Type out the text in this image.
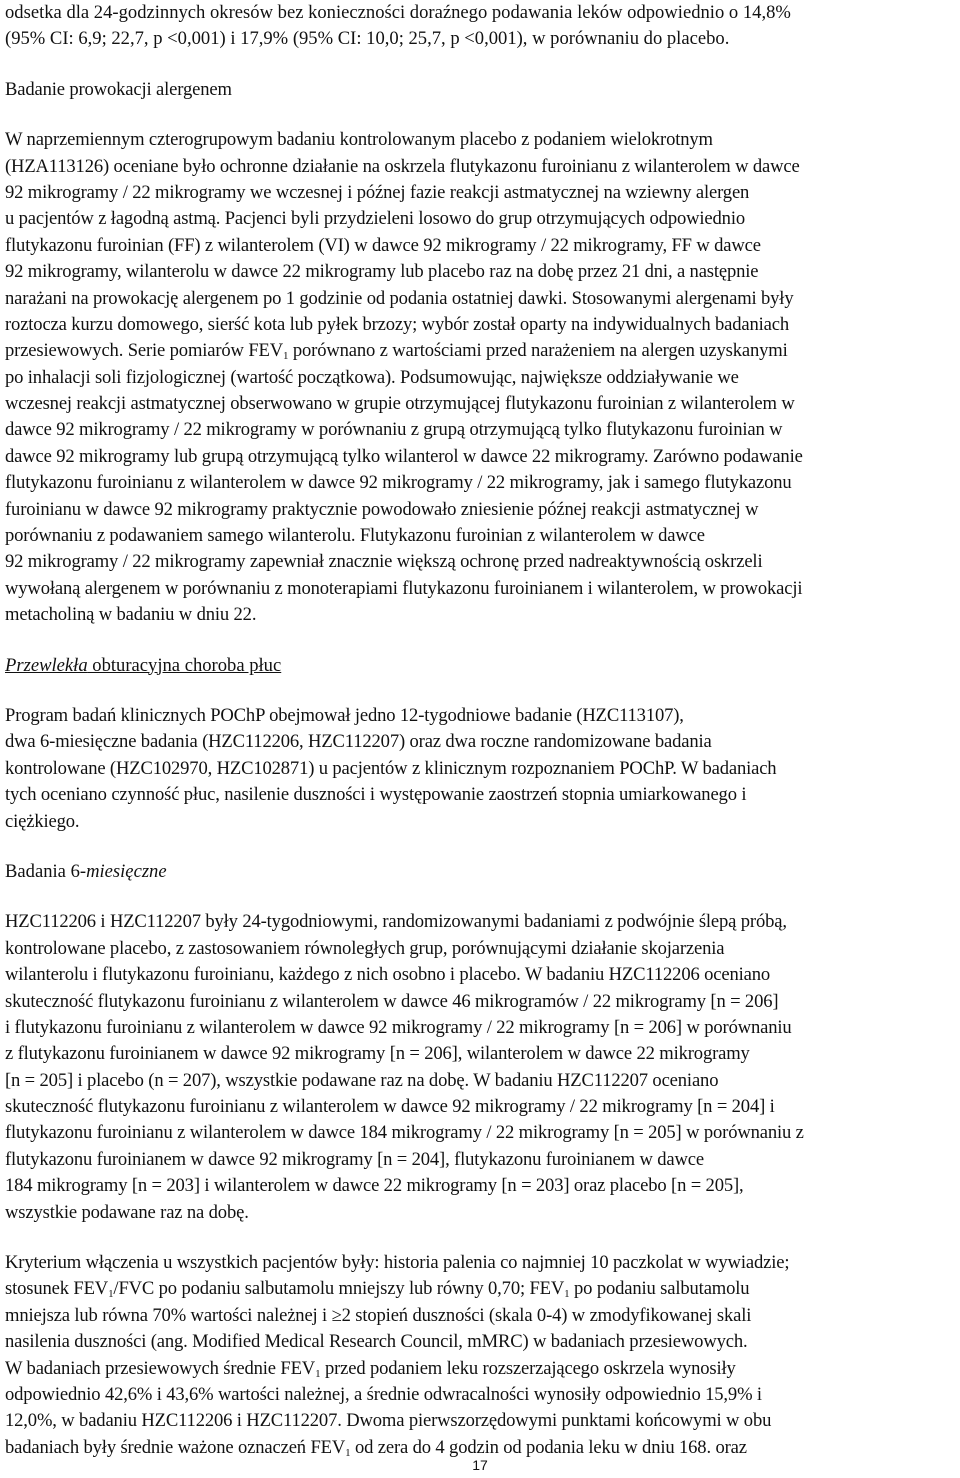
odsetka dla 24-godzinnych okresów bez konieczności doraźnego podawania leków odpowiednio o 14,8%
(95% CI: 6,9; 22,7, p <0,001) i 17,9% (95% CI: 10,0; 25,7, p <0,001), w porównaniu do placebo.
Badanie prowokacji alergenem
W naprzemiennym czterogrupowym badaniu kontrolowanym placebo z podaniem wielokrotnym
(HZA113126) oceniane było ochronne działanie na oskrzela flutykazonu furoinianu z wilanterolem w dawce
92 mikrogramy / 22 mikrogramy we wczesnej i późnej fazie reakcji astmatycznej na wziewny alergen
u pacjentów z łagodną astmą. Pacjenci byli przydzieleni losowo do grup otrzymujących odpowiednio
flutykazonu furoinian (FF) z wilanterolem (VI) w dawce 92 mikrogramy / 22 mikrogramy, FF w dawce
92 mikrogramy, wilanterolu w dawce 22 mikrogramy lub placebo raz na dobę przez 21 dni, a następnie
narażani na prowokację alergenem po 1 godzinie od podania ostatniej dawki. Stosowanymi alergenami były
roztocza kurzu domowego, sierść kota lub pyłek brzozy; wybór został oparty na indywidualnych badaniach
przesiewowych. Serie pomiarów $FEV_1$ porównano z wartościami przed narażeniem na alergen uzyskanymi
po inhalacji soli fizjologicznej (wartość początkowa). Podsumowując, największe oddziaływanie we
wczesnej reakcji astmatycznej obserwowano w grupie otrzymującej flutykazonu furoinian z wilanterolem w
dawce 92 mikrogramy / 22 mikrogramy w porównaniu z grupą otrzymującą tylko flutykazonu furoinian w
dawce 92 mikrogramy lub grupą otrzymującą tylko wilanterol w dawce 22 mikrogramy. Zarówno podawanie
flutykazonu furoinianu z wilanterolem w dawce 92 mikrogramy / 22 mikrogramy, jak i samego flutykazonu
furoinianu w dawce 92 mikrogramy praktycznie powodowało zniesienie późnej reakcji astmatycznej w
porównaniu z podawaniem samego wilanterolu. Flutykazonu furoinian z wilanterolem w dawce
92 mikrogramy / 22 mikrogramy zapewniał znacznie większą ochronę przed nadreaktywnością oskrzeli
wywołaną alergenem w porównaniu z monoterapiami flutykazonu furoinianem i wilanterolem, w prowokacji
metacholiną w badaniu w dniu 22.
Przewlekła obturacyjna choroba płuc
Program badań klinicznych POChP obejmował jedno 12-tygodniowe badanie (HZC113107),
dwa 6-miesięczne badania (HZC112206, HZC112207) oraz dwa roczne randomizowane badania
kontrolowane (HZC102970, HZC102871) u pacjentów z klinicznym rozpoznaniem POChP. W badaniach
tych oceniano czynność płuc, nasilenie duszności i występowanie zaostrzeń stopnia umiarkowanego i
ciężkiego.
Badania 6-miesięczne
HZC112206 i HZC112207 były 24-tygodniowymi, randomizowanymi badaniami z podwójnie ślepą próbą,
kontrolowane placebo, z zastosowaniem równoległych grup, porównującymi działanie skojarzenia
wilanterolu i flutykazonu furoinianu, każdego z nich osobno i placebo. W badaniu HZC112206 oceniano
skuteczność flutykazonu furoinianu z wilanterolem w dawce 46 mikrogramów / 22 mikrogramy [n = 206]
i flutykazonu furoinianu z wilanterolem w dawce 92 mikrogramy / 22 mikrogramy [n = 206] w porównaniu
z flutykazonu furoinianem w dawce 92 mikrogramy [n = 206], wilanterolem w dawce 22 mikrogramy
[n = 205] i placebo (n = 207), wszystkie podawane raz na dobę. W badaniu HZC112207 oceniano
skuteczność flutykazonu furoinianu z wilanterolem w dawce 92 mikrogramy / 22 mikrogramy [n = 204] i
flutykazonu furoinianu z wilanterolem w dawce 184 mikrogramy / 22 mikrogramy [n = 205] w porównaniu z
flutykazonu furoinianem w dawce 92 mikrogramy [n = 204], flutykazonu furoinianem w dawce
184 mikrogramy [n = 203] i wilanterolem w dawce 22 mikrogramy [n = 203] oraz placebo [n = 205],
wszystkie podawane raz na dobę.
Kryterium włączenia u wszystkich pacjentów były: historia palenia co najmniej 10 paczkolat w wywiadzie;
stosunek $FEV_1$/FVC po podaniu salbutamolu mniejszy lub równy 0,70; $FEV_1$ po podaniu salbutamolu
mniejsza lub równa 70% wartości należnej i ≥2 stopień duszności (skala 0-4) w zmodyfikowanej skali
nasilenia duszności (ang. Modified Medical Research Council, mMRC) w badaniach przesiewowych.
W badaniach przesiewowych średnie $FEV_1$ przed podaniem leku rozszerzającego oskrzela wynosiły
odpowiednio 42,6% i 43,6% wartości należnej, a średnie odwracalności wynosiły odpowiednio 15,9% i
12,0%, w badaniu HZC112206 i HZC112207. Dwoma pierwszorzędowymi punktami końcowymi w obu
badaniach były średnie ważone oznaczeń $FEV_1$ od zera do 4 godzin od podania leku w dniu 168. oraz
17
